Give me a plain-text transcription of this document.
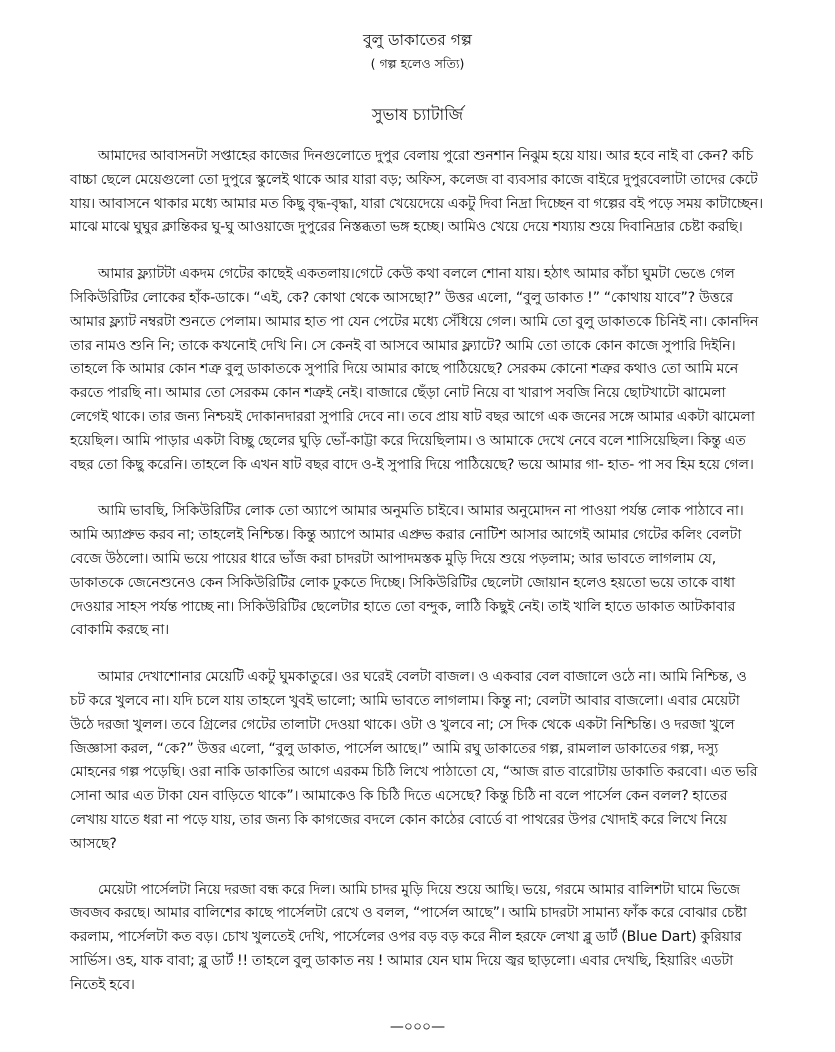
বুলু ডাকাতের গল্প
( গল্প হলেও সত্যি)
সুভাষ চ্যাটার্জি

আমাদের আবাসনটা সপ্তাহের কাজের দিনগুলোতে দুপুর বেলায় পুরো শুনশান নিঝুম হয়ে যায়। আর হবে নাই বা কেন? কচি বাচ্চা ছেলে মেয়েগুলো তো দুপুরে স্কুলেই থাকে আর যারা বড়; অফিস, কলেজ বা ব্যবসার কাজে বাইরে দুপুরবেলাটা তাদের কেটে যায়। আবাসনে থাকার মধ্যে আমার মত কিছু বৃদ্ধ-বৃদ্ধা, যারা খেয়েদেয়ে একটু দিবা নিদ্রা দিচ্ছেন বা গল্পের বই পড়ে সময় কাটাচ্ছেন। মাঝে মাঝে ঘুঘুর ক্লান্তিকর ঘু-ঘু আওয়াজে দুপুরের নিস্তব্ধতা ভঙ্গ হচ্ছে। আমিও খেয়ে দেয়ে শয্যায় শুয়ে দিবানিদ্রার চেষ্টা করছি।

আমার ফ্ল্যাটটা একদম গেটের কাছেই একতলায়।গেটে কেউ কথা বললে শোনা যায়। হঠাৎ আমার কাঁচা ঘুমটা ভেঙে গেল সিকিউরিটির লোকের হাঁক-ডাকে। “এই, কে? কোথা থেকে আসছো?” উত্তর এলো, “বুলু ডাকাত !” “কোথায় যাবে”? উত্তরে আমার ফ্ল্যাট নম্বরটা শুনতে পেলাম। আমার হাত পা যেন পেটের মধ্যে সেঁধিয়ে গেল। আমি তো বুলু ডাকাতকে চিনিই না। কোনদিন তার নামও শুনি নি; তাকে কখনোই দেখি নি। সে কেনই বা আসবে আমার ফ্ল্যাটে? আমি তো তাকে কোন কাজে সুপারি দিইনি। তাহলে কি আমার কোন শত্রু বুলু ডাকাতকে সুপারি দিয়ে আমার কাছে পাঠিয়েছে? সেরকম কোনো শত্রুর কথাও তো আমি মনে করতে পারছি না। আমার তো সেরকম কোন শত্রুই নেই। বাজারে ছেঁড়া নোট নিয়ে বা খারাপ সবজি নিয়ে ছোটখাটো ঝামেলা লেগেই থাকে। তার জন্য নিশ্চয়ই দোকানদাররা সুপারি দেবে না। তবে প্রায় ষাট বছর আগে এক জনের সঙ্গে আমার একটা ঝামেলা হয়েছিল। আমি পাড়ার একটা বিচ্ছু ছেলের ঘুড়ি ভোঁ-কাট্টা করে দিয়েছিলাম। ও আমাকে দেখে নেবে বলে শাসিয়েছিল। কিন্তু এত বছর তো কিছু করেনি। তাহলে কি এখন ষাট বছর বাদে ও-ই সুপারি দিয়ে পাঠিয়েছে? ভয়ে আমার গা- হাত- পা সব হিম হয়ে গেল।

আমি ভাবছি, সিকিউরিটির লোক তো অ্যাপে আমার অনুমতি চাইবে। আমার অনুমোদন না পাওয়া পর্যন্ত লোক পাঠাবে না। আমি অ্যাপ্রুভ করব না; তাহলেই নিশ্চিন্ত। কিন্তু অ্যাপে আমার এপ্রুভ করার নোটিশ আসার আগেই আমার গেটের কলিং বেলটা বেজে উঠলো। আমি ভয়ে পায়ের ধারে ভাঁজ করা চাদরটা আপাদমস্তক মুড়ি দিয়ে শুয়ে পড়লাম; আর ভাবতে লাগলাম যে, ডাকাতকে জেনেশুনেও কেন সিকিউরিটির লোক ঢুকতে দিচ্ছে। সিকিউরিটির ছেলেটা জোয়ান হলেও হয়তো ভয়ে তাকে বাধা দেওয়ার সাহস পর্যন্ত পাচ্ছে না। সিকিউরিটির ছেলেটার হাতে তো বন্দুক, লাঠি কিছুই নেই। তাই খালি হাতে ডাকাত আটকাবার বোকামি করছে না।

আমার দেখাশোনার মেয়েটি একটু ঘুমকাতুরে। ওর ঘরেই বেলটা বাজল। ও একবার বেল বাজালে ওঠে না। আমি নিশ্চিন্ত, ও চট করে খুলবে না। যদি চলে যায় তাহলে খুবই ভালো; আমি ভাবতে লাগলাম। কিন্তু না; বেলটা আবার বাজলো। এবার মেয়েটা উঠে দরজা খুলল। তবে গ্রিলের গেটের তালাটা দেওয়া থাকে। ওটা ও খুলবে না; সে দিক থেকে একটা নিশ্চিন্তি। ও দরজা খুলে জিজ্ঞাসা করল, “কে?” উত্তর এলো, “বুলু ডাকাত, পার্সেল আছে।” আমি রঘু ডাকাতের গল্প, রামলাল ডাকাতের গল্প, দস্যু মোহনের গল্প পড়েছি। ওরা নাকি ডাকাতির আগে এরকম চিঠি লিখে পাঠাতো যে, “আজ রাত বারোটায় ডাকাতি করবো। এত ভরি সোনা আর এত টাকা যেন বাড়িতে থাকে”। আমাকেও কি চিঠি দিতে এসেছে? কিন্তু চিঠি না বলে পার্সেল কেন বলল? হাতের লেখায় যাতে ধরা না পড়ে যায়, তার জন্য কি কাগজের বদলে কোন কাঠের বোর্ডে বা পাথরের উপর খোদাই করে লিখে নিয়ে আসছে?

মেয়েটা পার্সেলটা নিয়ে দরজা বন্ধ করে দিল। আমি চাদর মুড়ি দিয়ে শুয়ে আছি। ভয়ে, গরমে আমার বালিশটা ঘামে ভিজে জবজব করছে। আমার বালিশের কাছে পার্সেলটা রেখে ও বলল, “পার্সেল আছে”। আমি চাদরটা সামান্য ফাঁক করে বোঝার চেষ্টা করলাম, পার্সেলটা কত বড়। চোখ খুলতেই দেখি, পার্সেলের ওপর বড় বড় করে নীল হরফে লেখা ব্লু ডার্ট (Blue Dart) কুরিয়ার সার্ভিস। ওহ, যাক বাবা; ব্লু ডার্ট !! তাহলে বুলু ডাকাত নয় ! আমার যেন ঘাম দিয়ে জ্বর ছাড়লো। এবার দেখছি, হিয়ারিং এডটা নিতেই হবে।

—০০০—
